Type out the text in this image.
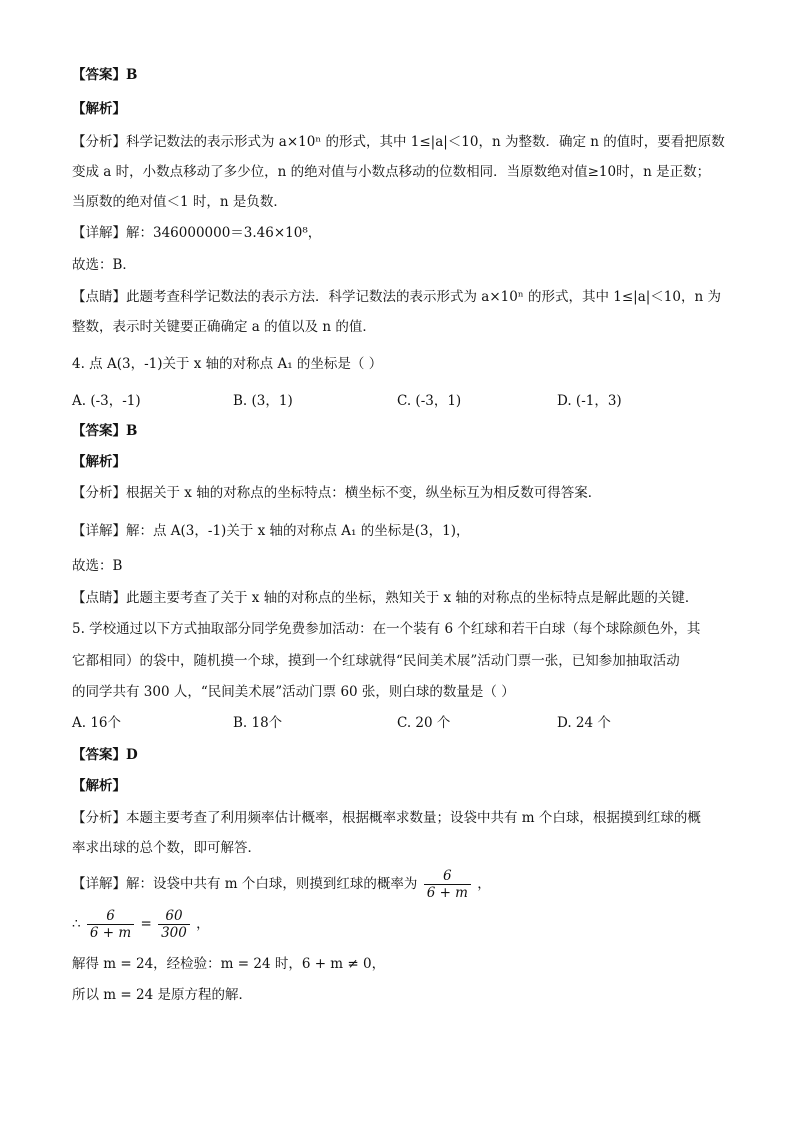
【答案】B
【解析】
【分析】科学记数法的表示形式为 a×10ⁿ 的形式，其中 1≤|a|＜10，n 为整数．确定 n 的值时，要看把原数
变成 a 时，小数点移动了多少位，n 的绝对值与小数点移动的位数相同．当原数绝对值≥10时，n 是正数；
当原数的绝对值＜1 时，n 是负数．
【详解】解：346000000＝3.46×10⁸，
故选：B．
【点睛】此题考查科学记数法的表示方法．科学记数法的表示形式为 a×10ⁿ 的形式，其中 1≤|a|＜10，n 为
整数，表示时关键要正确确定 a 的值以及 n 的值．
4. 点 A(3，-1)关于 x 轴的对称点 A₁ 的坐标是（ ）
A. (-3，-1)	B. (3，1)	C. (-3，1)	D. (-1，3)
【答案】B
【解析】
【分析】根据关于 x 轴的对称点的坐标特点：横坐标不变，纵坐标互为相反数可得答案．
【详解】解：点 A(3，-1)关于 x 轴的对称点 A₁ 的坐标是(3，1)，
故选：B
【点睛】此题主要考查了关于 x 轴的对称点的坐标，熟知关于 x 轴的对称点的坐标特点是解此题的关键．
5. 学校通过以下方式抽取部分同学免费参加活动：在一个装有 6 个红球和若干白球（每个球除颜色外，其
它都相同）的袋中，随机摸一个球，摸到一个红球就得“民间美术展”活动门票一张，已知参加抽取活动
的同学共有 300 人，“民间美术展”活动门票 60 张，则白球的数量是（ ）
A. 16个	B. 18个	C. 20 个	D. 24 个
【答案】D
【解析】
【分析】本题主要考查了利用频率估计概率，根据概率求数量；设袋中共有 m 个白球，根据摸到红球的概
率求出球的总个数，即可解答．
【详解】解：设袋中共有 m 个白球，则摸到红球的概率为 $\frac{6}{6 + m}$ ，
∴ $\frac{6}{6 + m} = \frac{60}{300}$ ，
解得 m = 24，经检验：m = 24 时，6 + m ≠ 0，
所以 m = 24 是原方程的解．
